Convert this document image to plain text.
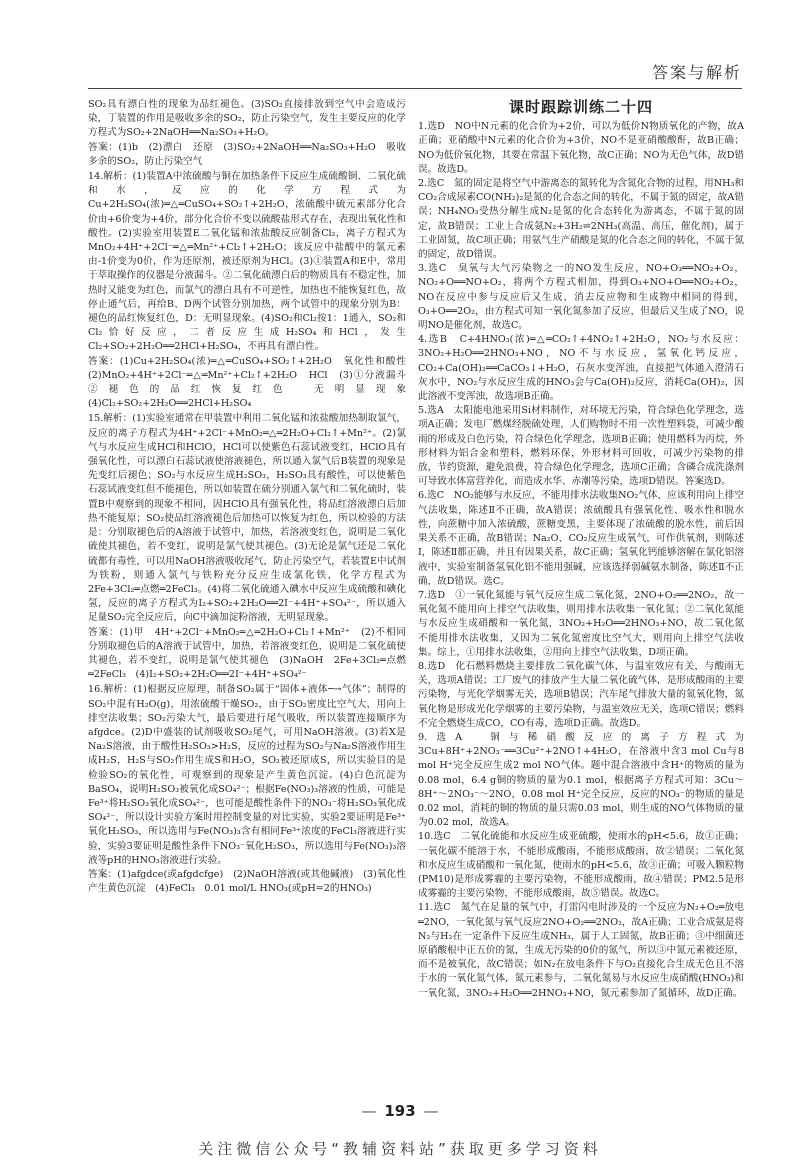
答案与解析

SO₂具有漂白性的现象为品红褪色。(3)SO₂直接排放到空气中会造成污染，丁装置的作用是吸收多余的SO₂，防止污染空气，发生主要反应的化学方程式为SO₂+2NaOH══Na₂SO₃+H₂O。

答案：(1)b　(2)漂白　还原　(3)SO₂+2NaOH══Na₂SO₃+H₂O　吸收多余的SO₂，防止污染空气

14.解析：(1)装置A中浓硫酸与铜在加热条件下反应生成硫酸铜、二氧化硫和水，反应的化学方程式为Cu+2H₂SO₄(浓)═△═CuSO₄+SO₂↑+2H₂O，浓硫酸中硫元素部分化合价由+6价变为+4价，部分化合价不变以硫酸盐形式存在，表现出氧化性和酸性。(2)实验室用装置E二氧化锰和浓盐酸反应制备Cl₂，离子方程式为MnO₂+4H⁺+2Cl⁻═△═Mn²⁺+Cl₂↑+2H₂O；该反应中盐酸中的氯元素由-1价变为0价，作为还原剂，被还原剂为HCl。(3)①装置A和E中，常用于萃取操作的仪器是分液漏斗。②二氧化硫漂白后的物质具有不稳定性，加热时又能变为红色，而氯气的漂白具有不可逆性，加热也不能恢复红色，故停止通气后，再给B、D两个试管分别加热，两个试管中的现象分别为B：褪色的品红恢复红色，D：无明显现象。(4)SO₂和Cl₂按1：1通入，SO₂和Cl₂恰好反应，二者反应生成H₂SO₄和HCl，发生Cl₂+SO₂+2H₂O══2HCl+H₂SO₄，不再具有漂白性。

答案：(1)Cu+2H₂SO₄(浓)═△═CuSO₄+SO₂↑+2H₂O　氧化性和酸性　(2)MnO₂+4H⁺+2Cl⁻═△═Mn²⁺+Cl₂↑+2H₂O　HCl　(3)①分液漏斗　②褪色的品红恢复红色　无明显现象　(4)Cl₂+SO₂+2H₂O══2HCl+H₂SO₄

15.解析：(1)实验室通常在甲装置中利用二氧化锰和浓盐酸加热制取氯气，反应的离子方程式为4H⁺+2Cl⁻+MnO₂═△═2H₂O+Cl₂↑+Mn²⁺。(2)氯气与水反应生成HCl和HClO，HCl可以使紫色石蕊试液变红，HClO具有强氧化性，可以漂白石蕊试液使溶液褪色，所以通入氯气后B装置的现象是先变红后褪色；SO₂与水反应生成H₂SO₃，H₂SO₃具有酸性，可以使紫色石蕊试液变红但不能褪色，所以如装置在硫分别通入氯气和二氧化硫时，装置B中观察到的现象不相同，因HClO具有强氧化性，将品红溶液漂白后加热不能复原；SO₂使品红溶液褪色后加热可以恢复为红色，所以检验的方法是：分别取褪色后的A溶液于试管中，加热，若溶液变红色，说明是二氧化硫使其褪色，若不变红，说明是氯气使其褪色。(3)无论是氯气还是二氧化硫都有毒性，可以用NaOH溶液吸收尾气，防止污染空气，若装置E中试剂为铁粉，则通入氯气与铁粉充分反应生成氯化铁，化学方程式为2Fe+3Cl₂═点燃═2FeCl₃。(4)将二氧化硫通入碘水中反应生成硫酸和碘化氢，反应的离子方程式为I₂+SO₂+2H₂O══2I⁻+4H⁺+SO₄²⁻，所以通入足量SO₂完全反应后，向C中滴加淀粉溶液，无明显现象。

答案：(1)甲　4H⁺+2Cl⁻+MnO₂═△═2H₂O+Cl₂↑+Mn²⁺　(2)不相同　分别取褪色后的A溶液于试管中，加热，若溶液变红色，说明是二氧化硫使其褪色，若不变红，说明是氯气使其褪色　(3)NaOH　2Fe+3Cl₂═点燃═2FeCl₃　(4)I₂+SO₂+2H₂O══2I⁻+4H⁺+SO₄²⁻

16.解析：(1)根据反应原理，制备SO₂属于“固体+液体─→气体”；制得的SO₂中混有H₂O(g)，用浓硫酸干燥SO₂，由于SO₂密度比空气大，用向上排空法收集；SO₂污染大气，最后要进行尾气吸收，所以装置连接顺序为afgdce。(2)D中盛装的试剂吸收SO₂尾气，可用NaOH溶液。(3)若X是Na₂S溶液，由于酸性H₂SO₃>H₂S，反应的过程为SO₂与Na₂S溶液作用生成H₂S，H₂S与SO₂作用生成S和H₂O，SO₂被还原成S，所以实验目的是检验SO₂的氧化性，可观察到的现象是产生黄色沉淀。(4)白色沉淀为BaSO₄，说明H₂SO₃被氧化成SO₄²⁻；根据Fe(NO₃)₃溶液的性质，可能是Fe³⁺将H₂SO₃氧化成SO₄²⁻，也可能是酸性条件下的NO₃⁻将H₂SO₃氧化成SO₄²⁻，所以设计实验方案时用控制变量的对比实验，实验2要证明是Fe³⁺氧化H₂SO₃，所以选用与Fe(NO₃)₃含有相同Fe³⁺浓度的FeCl₃溶液进行实验，实验3要证明是酸性条件下NO₃⁻氧化H₂SO₃，所以选用与Fe(NO₃)₃溶液等pH的HNO₃溶液进行实验。

答案：(1)afgdce(或afgdcfge)　(2)NaOH溶液(或其他碱液)　(3)氧化性　产生黄色沉淀　(4)FeCl₃　0.01 mol/L HNO₃(或pH=2的HNO₃)

课时跟踪训练二十四

1.选D　NO中N元素的化合价为+2价，可以为低价N物质氧化的产物，故A正确；亚硝酸中N元素的化合价为+3价，NO不是亚硝酸酸酐，故B正确；NO为低价氧化物，其要在常温下氧化物，故C正确；NO为无色气体，故D错误。故选D。

2.选C　氮的固定是将空气中游离态的氮转化为含氮化合物的过程，用NH₃和CO₂合成尿素CO(NH₂)₂是氮的化合态之间的转化，不属于氮的固定，故A错误；NH₄NO₃受热分解生成N₂是氮的化合态转化为游离态，不属于氮的固定，故B错误；工业上合成氨N₂+3H₂⇌2NH₃(高温、高压，催化剂)，属于工业固氮，故C项正确；用氨气生产硝酸是氮的化合态之间的转化，不属于氮的固定，故D错误。

3.选C　臭氧与大气污染物之一的NO发生反应，NO+O₃══NO₂+O₂，NO₂+O══NO+O₂，将两个方程式相加，得到O₃+NO+O══NO₂+O₂，NO在反应中参与反应后又生成，消去反应物和生成物中相同的得到，O₃+O══2O₂，由方程式可知一氧化氮参加了反应，但最后又生成了NO，说明NO是催化剂，故选C。

4.选B　C+4HNO₃(浓)═△═CO₂↑+4NO₂↑+2H₂O，NO₂与水反应：3NO₂+H₂O══2HNO₃+NO，NO不与水反应，氢氧化钙反应，CO₂+Ca(OH)₂══CaCO₃↓+H₂O，石灰水变浑浊，直接把气体通入澄清石灰水中，NO₂与水反应生成的HNO₃会与Ca(OH)₂反应，消耗Ca(OH)₂，因此溶液不变浑浊，故选项B正确。

5.选A　太阳能电池采用Si材料制作，对环境无污染，符合绿色化学理念，选项A正确；发电厂燃煤经脱硫处理，人们购物时不用一次性塑料袋，可减少酸雨的形成及白色污染，符合绿色化学理念，选项B正确；使用燃料为丙烷，外形材料为铝合金和塑料，燃料环保，外形材料可回收，可减少污染物的排放，节约资源，避免浪费，符合绿色化学理念，选项C正确；含磷合成洗涤剂可导致水体富营养化，而造成水华、赤潮等污染，选项D错误。答案选D。

6.选C　NO₂能够与水反应，不能用排水法收集NO₂气体，应该利用向上排空气法收集，陈述Ⅱ不正确，故A错误；浓硫酸具有强氧化性、吸水性和脱水性，向蔗糖中加入浓硫酸，蔗糖变黑，主要体现了浓硫酸的脱水性，前后因果关系不正确，故B错误；Na₂O、CO₂反应生成氧气，可作供氧剂，则陈述Ⅰ，陈述Ⅱ都正确，并且有因果关系，故C正确；氢氧化钙能够溶解在氯化铝溶液中，实验室制备氢氧化铝不能用强碱，应该选择弱碱氨水制备，陈述Ⅱ不正确，故D错误。选C。

7.选D　①一氧化氮能与氧气反应生成二氧化氮，2NO+O₂══2NO₂，故一氧化氮不能用向上排空气法收集，则用排水法收集一氧化氮；②二氧化氮能与水反应生成硝酸和一氧化氮，3NO₂+H₂O══2HNO₃+NO，故二氧化氮不能用排水法收集，又因为二氧化氮密度比空气大，则用向上排空气法收集。综上，①用排水法收集，②用向上排空气法收集，D项正确。

8.选D　化石燃料燃烧主要排放二氧化碳气体，与温室效应有关，与酸雨无关，选项A错误；工厂废气的排放产生大量二氧化硫气体，是形成酸雨的主要污染物，与光化学烟雾无关，选项B错误；汽车尾气排放大量的氮氧化物，氮氧化物是形成光化学烟雾的主要污染物，与温室效应无关，选项C错误；燃料不完全燃烧生成CO，CO有毒，选项D正确。故选D。

9.选A　铜与稀硝酸反应的离子方程式为3Cu+8H⁺+2NO₃⁻══3Cu²⁺+2NO↑+4H₂O，在溶液中含3 mol Cu与8 mol H⁺完全反应生成2 mol NO气体。题中混合溶液中含H⁺的物质的量为0.08 mol，6.4 g铜的物质的量为0.1 mol，根据离子方程式可知：3Cu～8H⁺～2NO₃⁻～2NO，0.08 mol H⁺完全反应，反应的NO₃⁻的物质的量是0.02 mol，消耗的铜的物质的量只需0.03 mol，则生成的NO气体物质的量为0.02 mol，故选A。

10.选C　二氧化硫能和水反应生成亚硫酸，使雨水的pH<5.6，故①正确；一氧化碳不能溶于水，不能形成酸雨，不能形成酸雨，故②错误；二氧化氮和水反应生成硝酸和一氧化氮，使雨水的pH<5.6，故③正确；可吸入颗粒物(PM10)是形成雾霾的主要污染物，不能形成酸雨，故④错误；PM2.5是形成雾霾的主要污染物，不能形成酸雨，故⑤错误。故选C。

11.选C　氮气在足量的氧气中，打雷闪电时涉及的一个反应为N₂+O₂═放电═2NO，一氧化氮与氧气反应2NO+O₂══2NO₂，故A正确；工业合成氨是将N₂与H₂在一定条件下反应生成NH₃，属于人工固氮，故B正确；③中细菌还原硝酸根中正五价的氮，生成无污染的0价的氮气，所以③中氮元素被还原，而不是被氧化，故C错误；如N₂在放电条件下与O₂直接化合生成无色且不溶于水的一氧化氮气体，氮元素参与，二氧化氮易与水反应生成硝酸(HNO₃)和一氧化氮，3NO₂+H₂O══2HNO₃+NO，氮元素参加了氮循环，故D正确。

— 193 —
关注微信公众号“教辅资料站”获取更多学习资料
